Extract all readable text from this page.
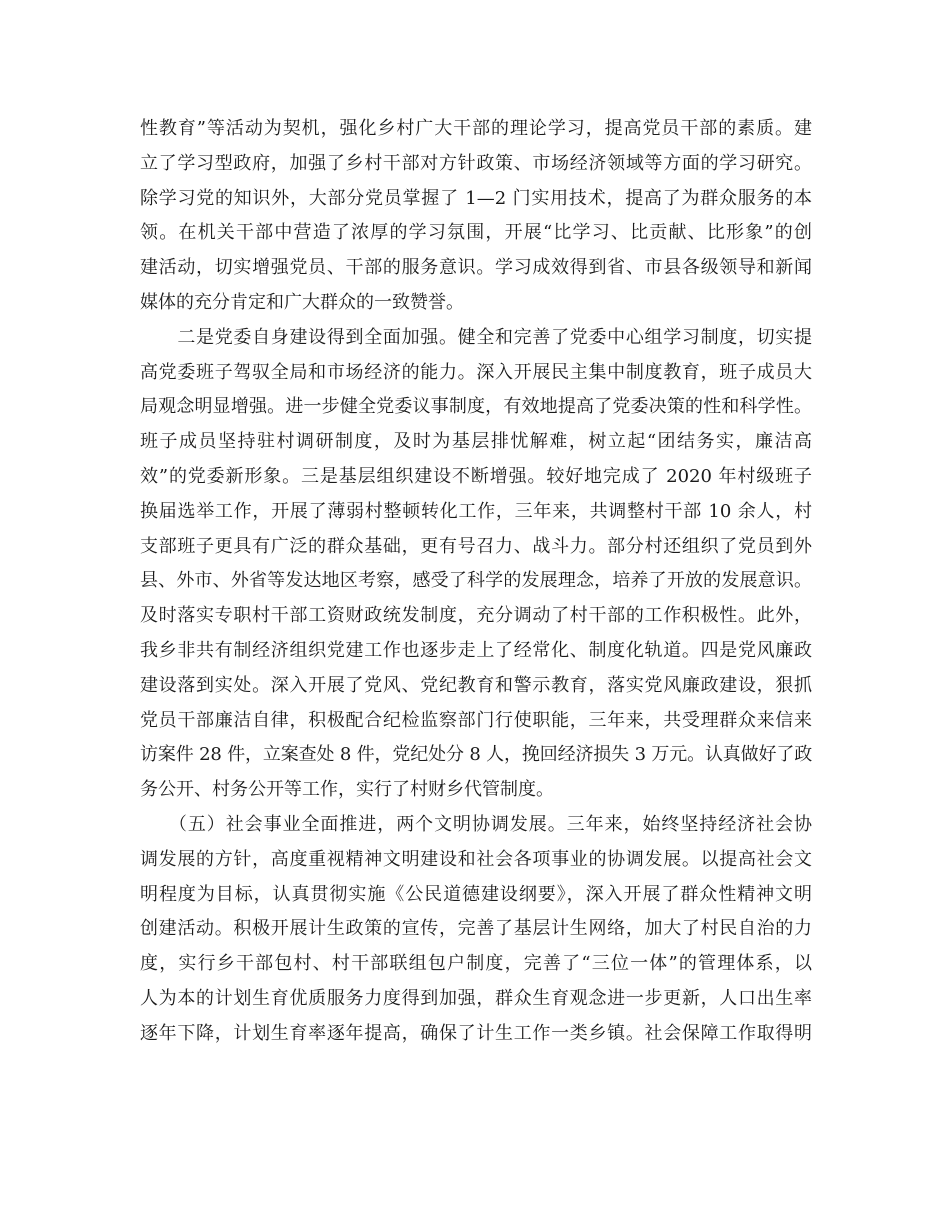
性教育”等活动为契机，强化乡村广大干部的理论学习，提高党员干部的素质。建
立了学习型政府，加强了乡村干部对方针政策、市场经济领域等方面的学习研究。
除学习党的知识外，大部分党员掌握了 1—2 门实用技术，提高了为群众服务的本
领。在机关干部中营造了浓厚的学习氛围，开展“比学习、比贡献、比形象”的创
建活动，切实增强党员、干部的服务意识。学习成效得到省、市县各级领导和新闻
媒体的充分肯定和广大群众的一致赞誉。
　　二是党委自身建设得到全面加强。健全和完善了党委中心组学习制度，切实提
高党委班子驾驭全局和市场经济的能力。深入开展民主集中制度教育，班子成员大
局观念明显增强。进一步健全党委议事制度，有效地提高了党委决策的性和科学性。
班子成员坚持驻村调研制度，及时为基层排忧解难，树立起“团结务实，廉洁高
效”的党委新形象。三是基层组织建设不断增强。较好地完成了 2020 年村级班子
换届选举工作，开展了薄弱村整顿转化工作，三年来，共调整村干部 10 余人，村
支部班子更具有广泛的群众基础，更有号召力、战斗力。部分村还组织了党员到外
县、外市、外省等发达地区考察，感受了科学的发展理念，培养了开放的发展意识。
及时落实专职村干部工资财政统发制度，充分调动了村干部的工作积极性。此外，
我乡非共有制经济组织党建工作也逐步走上了经常化、制度化轨道。四是党风廉政
建设落到实处。深入开展了党风、党纪教育和警示教育，落实党风廉政建设，狠抓
党员干部廉洁自律，积极配合纪检监察部门行使职能，三年来，共受理群众来信来
访案件 28 件，立案查处 8 件，党纪处分 8 人，挽回经济损失 3 万元。认真做好了政
务公开、村务公开等工作，实行了村财乡代管制度。
　　（五）社会事业全面推进，两个文明协调发展。三年来，始终坚持经济社会协
调发展的方针，高度重视精神文明建设和社会各项事业的协调发展。以提高社会文
明程度为目标，认真贯彻实施《公民道德建设纲要》，深入开展了群众性精神文明
创建活动。积极开展计生政策的宣传，完善了基层计生网络，加大了村民自治的力
度，实行乡干部包村、村干部联组包户制度，完善了“三位一体”的管理体系，以
人为本的计划生育优质服务力度得到加强，群众生育观念进一步更新，人口出生率
逐年下降，计划生育率逐年提高，确保了计生工作一类乡镇。社会保障工作取得明
